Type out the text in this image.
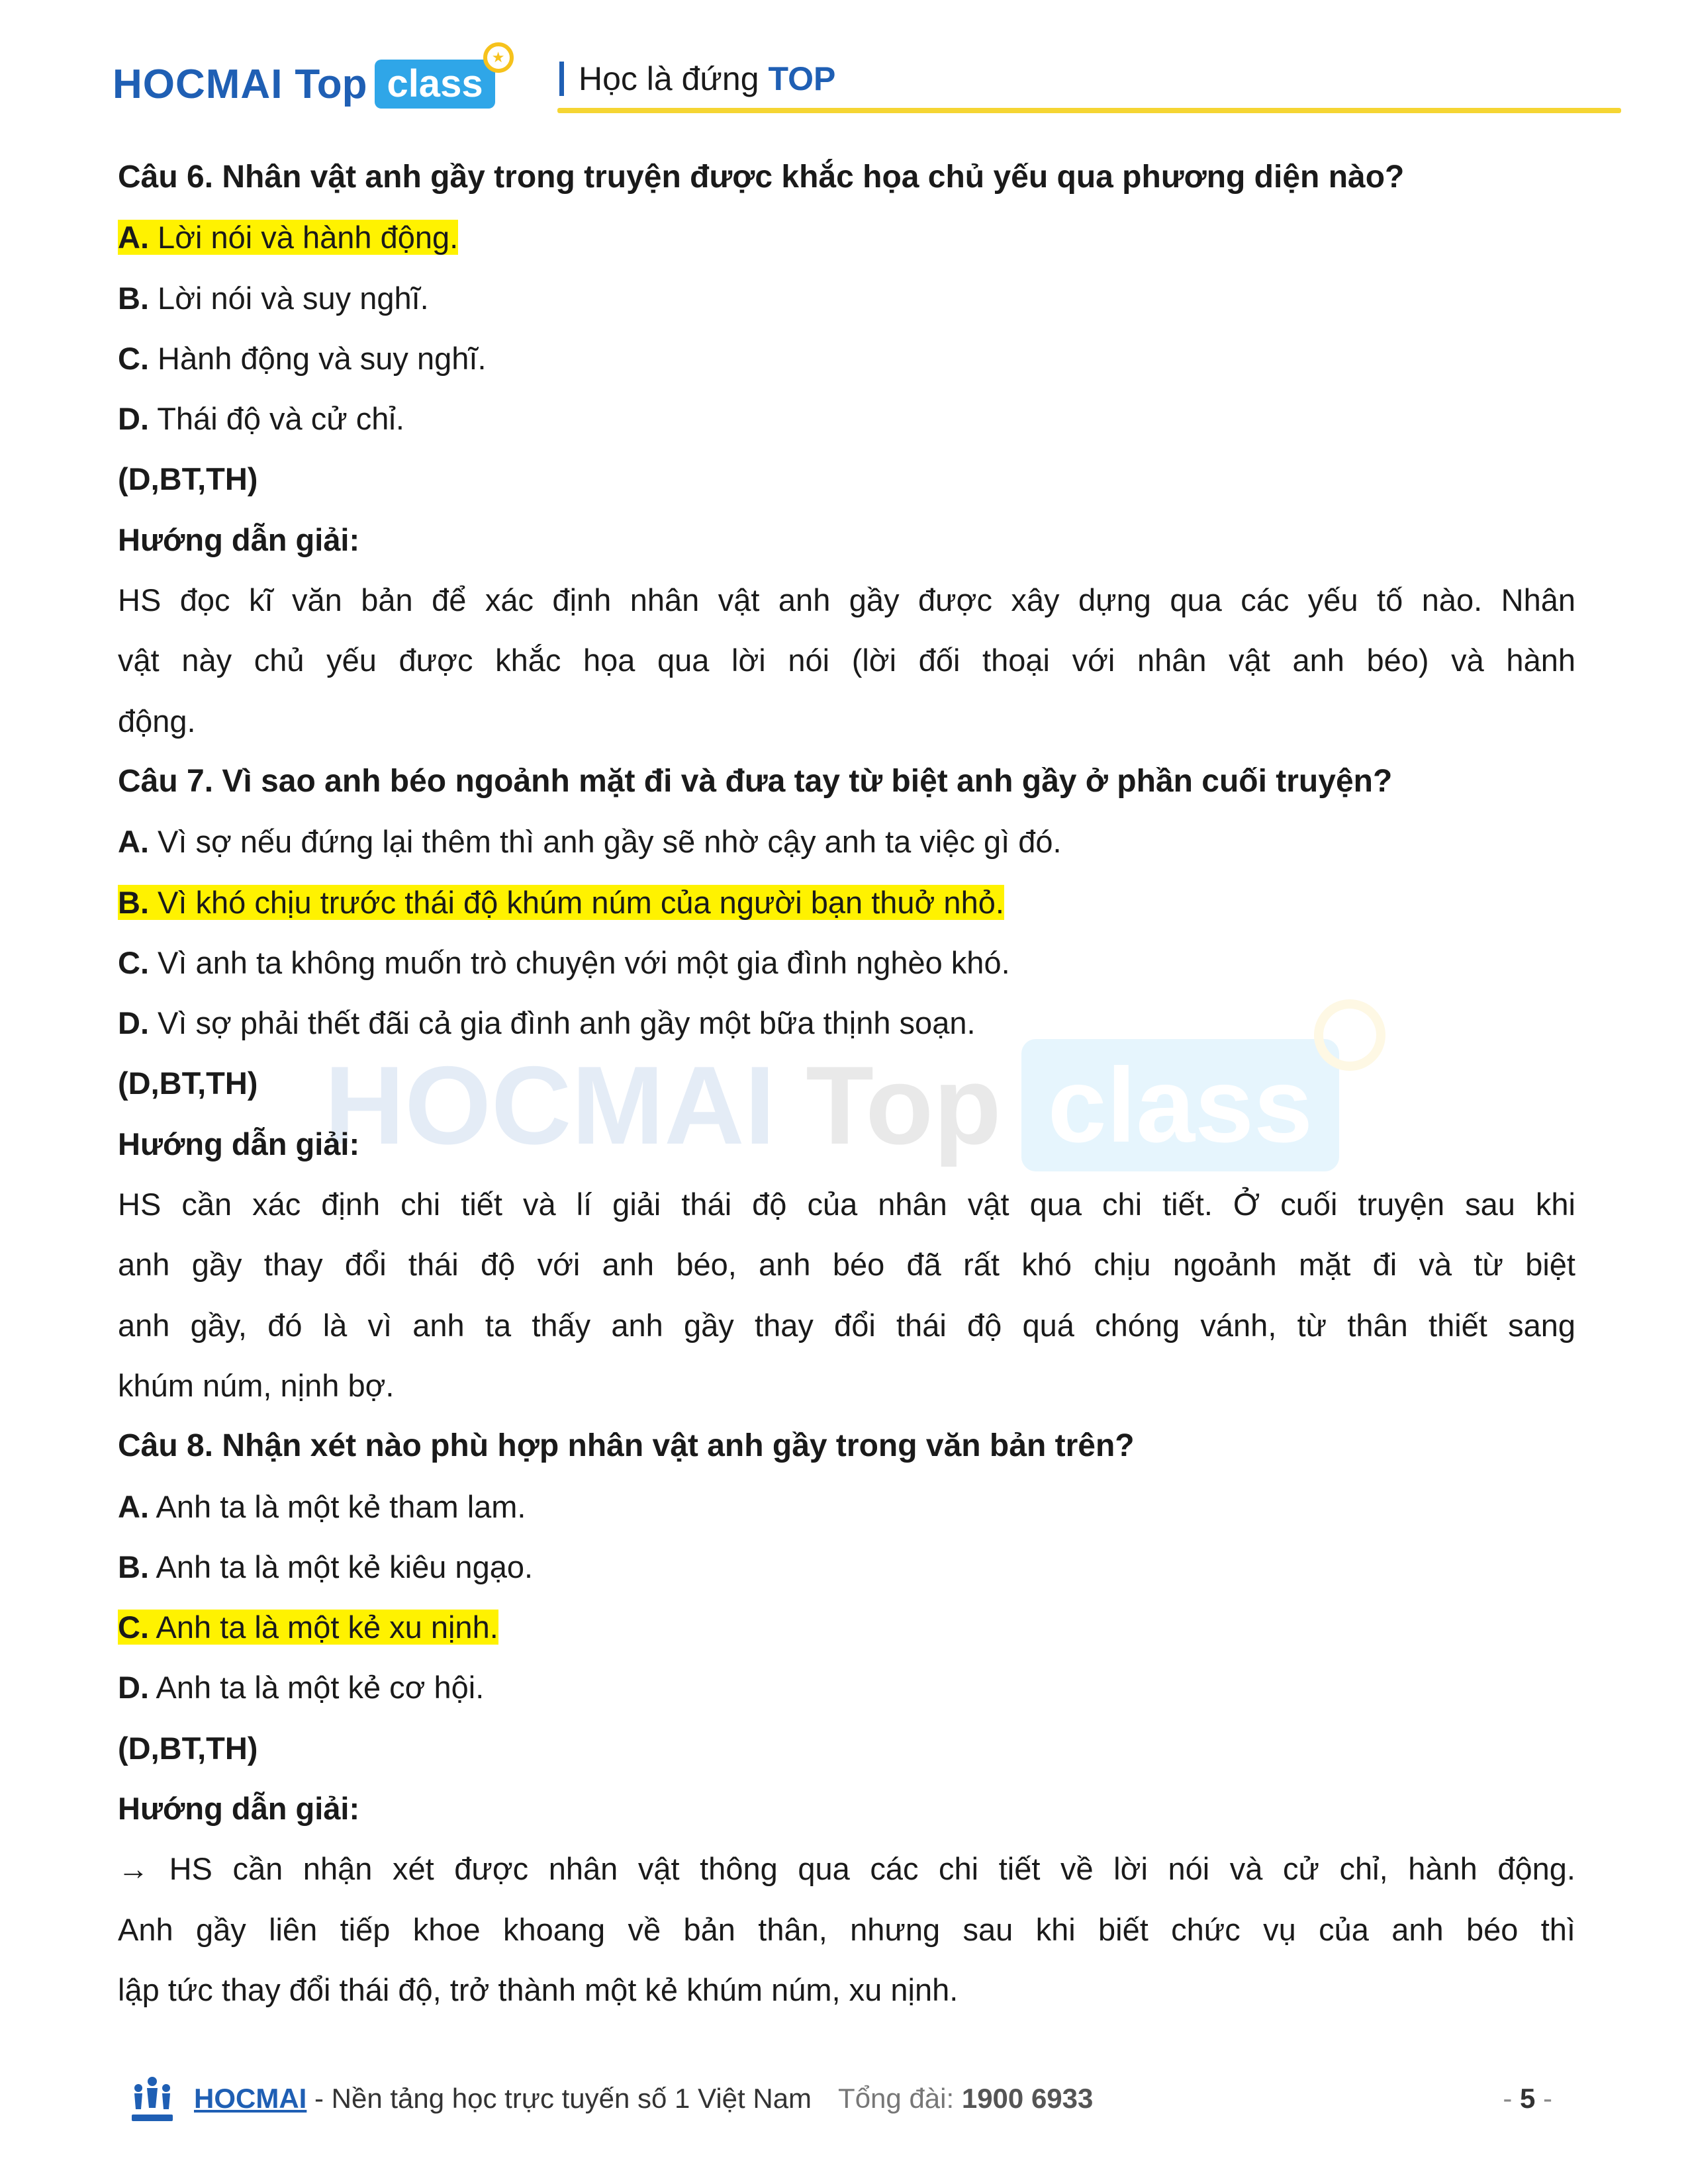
HOCMAI Top class
★
Học là đứng TOP
HOCMAI Top class
Câu 6. Nhân vật anh gầy trong truyện được khắc họa chủ yếu qua phương diện nào?
A. Lời nói và hành động.
B. Lời nói và suy nghĩ.
C. Hành động và suy nghĩ.
D. Thái độ và cử chỉ.
(D,BT,TH)
Hướng dẫn giải:
HS đọc kĩ văn bản để xác định nhân vật anh gầy được xây dựng qua các yếu tố nào. Nhân
vật này chủ yếu được khắc họa qua lời nói (lời đối thoại với nhân vật anh béo) và hành
động.
Câu 7. Vì sao anh béo ngoảnh mặt đi và đưa tay từ biệt anh gầy ở phần cuối truyện?
A. Vì sợ nếu đứng lại thêm thì anh gầy sẽ nhờ cậy anh ta việc gì đó.
B. Vì khó chịu trước thái độ khúm núm của người bạn thuở nhỏ.
C. Vì anh ta không muốn trò chuyện với một gia đình nghèo khó.
D. Vì sợ phải thết đãi cả gia đình anh gầy một bữa thịnh soạn.
(D,BT,TH)
Hướng dẫn giải:
HS cần xác định chi tiết và lí giải thái độ của nhân vật qua chi tiết. Ở cuối truyện sau khi
anh gầy thay đổi thái độ với anh béo, anh béo đã rất khó chịu ngoảnh mặt đi và từ biệt
anh gầy, đó là vì anh ta thấy anh gầy thay đổi thái độ quá chóng vánh, từ thân thiết sang
khúm núm, nịnh bợ.
Câu 8. Nhận xét nào phù hợp nhân vật anh gầy trong văn bản trên?
A. Anh ta là một kẻ tham lam.
B. Anh ta là một kẻ kiêu ngạo.
C. Anh ta là một kẻ xu nịnh.
D. Anh ta là một kẻ cơ hội.
(D,BT,TH)
Hướng dẫn giải:
→ HS cần nhận xét được nhân vật thông qua các chi tiết về lời nói và cử chỉ, hành động.
Anh gầy liên tiếp khoe khoang về bản thân, nhưng sau khi biết chức vụ của anh béo thì
lập tức thay đổi thái độ, trở thành một kẻ khúm núm, xu nịnh.
HOCMAI - Nền tảng học trực tuyến số 1 Việt Nam Tổng đài: 1900 6933	- 5 -
